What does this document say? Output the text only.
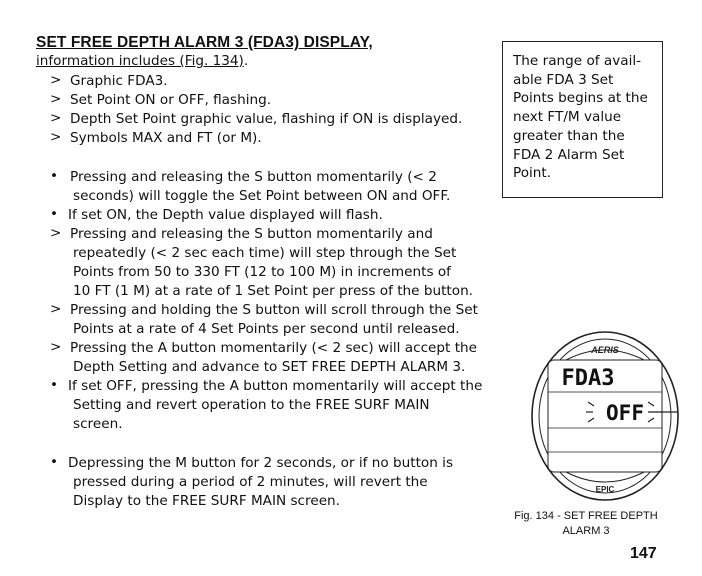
SET FREE DEPTH ALARM 3 (FDA3) DISPLAY,
information includes (Fig. 134).
> Graphic FDA3.
> Set Point ON or OFF, flashing.
> Depth Set Point graphic value, flashing if ON is displayed.
> Symbols MAX and FT (or M).
• Pressing and releasing the S button momentarily (< 2
seconds) will toggle the Set Point between ON and OFF.
• If set ON, the Depth value displayed will flash.
> Pressing and releasing the S button momentarily and
repeatedly (< 2 sec each time) will step through the Set
Points from 50 to 330 FT (12 to 100 M) in increments of
10 FT (1 M) at a rate of 1 Set Point per press of the button.
> Pressing and holding the S button will scroll through the Set
Points at a rate of 4 Set Points per second until released.
> Pressing the A button momentarily (< 2 sec) will accept the
Depth Setting and advance to SET FREE DEPTH ALARM 3.
• If set OFF, pressing the A button momentarily will accept the
Setting and revert operation to the FREE SURF MAIN
screen.
• Depressing the M button for 2 seconds, or if no button is
pressed during a period of 2 minutes, will revert the
Display to the FREE SURF MAIN screen.
The range of avail-
able FDA 3 Set
Points begins at the
next FT/M value
greater than the
FDA 2 Alarm Set
Point.
AERIS
FDA3
OFF
EPIC
Fig. 134 - SET FREE DEPTH
ALARM 3
147
